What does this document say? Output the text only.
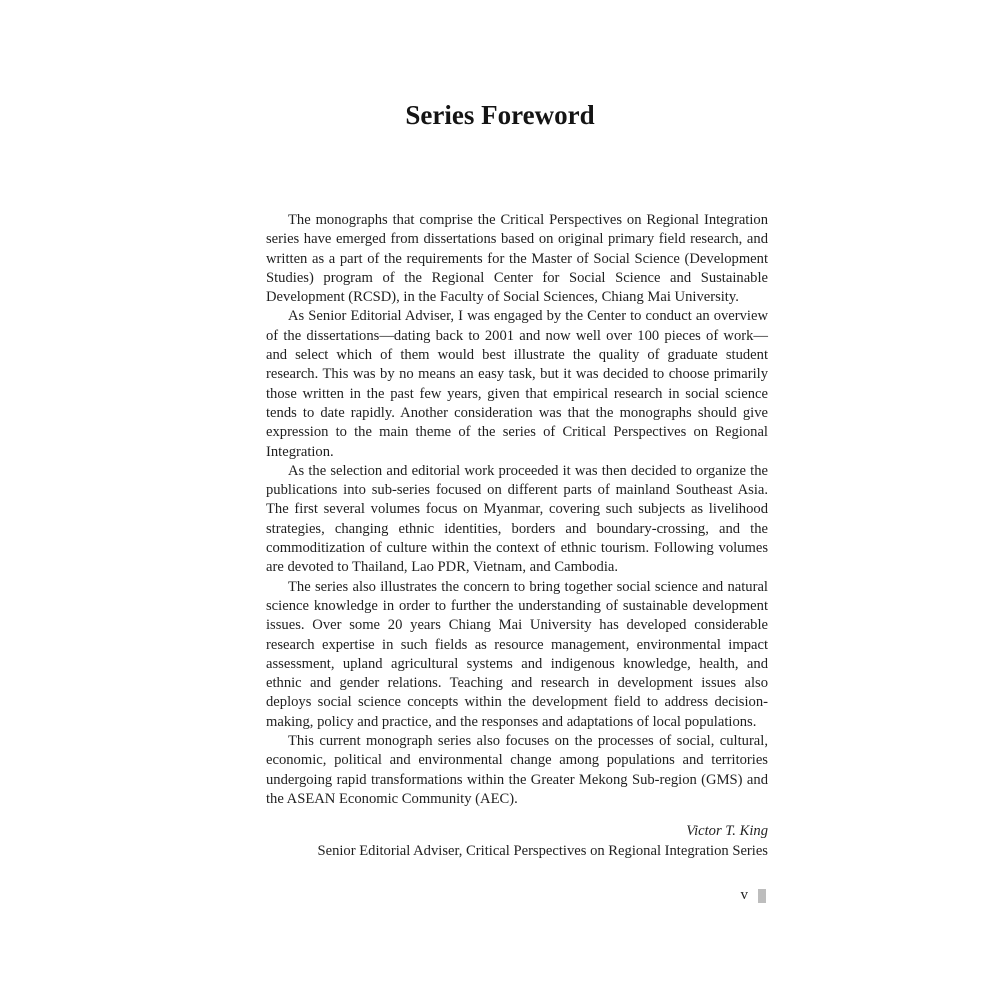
Series Foreword

The monographs that comprise the Critical Perspectives on Regional Integration series have emerged from dissertations based on original primary field research, and written as a part of the requirements for the Master of Social Science (Development Studies) program of the Regional Center for Social Science and Sustainable Development (RCSD), in the Faculty of Social Sciences, Chiang Mai University.

As Senior Editorial Adviser, I was engaged by the Center to conduct an overview of the dissertations—dating back to 2001 and now well over 100 pieces of work—and select which of them would best illustrate the quality of graduate student research. This was by no means an easy task, but it was decided to choose primarily those written in the past few years, given that empirical research in social science tends to date rapidly. Another consideration was that the monographs should give expression to the main theme of the series of Critical Perspectives on Regional Integration.

As the selection and editorial work proceeded it was then decided to organize the publications into sub-series focused on different parts of mainland Southeast Asia. The first several volumes focus on Myanmar, covering such subjects as livelihood strategies, changing ethnic identities, borders and boundary-crossing, and the commoditization of culture within the context of ethnic tourism. Following volumes are devoted to Thailand, Lao PDR, Vietnam, and Cambodia.

The series also illustrates the concern to bring together social science and natural science knowledge in order to further the understanding of sustainable development issues. Over some 20 years Chiang Mai University has developed considerable research expertise in such fields as resource management, environmental impact assessment, upland agricultural systems and indigenous knowledge, health, and ethnic and gender relations. Teaching and research in development issues also deploys social science concepts within the development field to address decision-making, policy and practice, and the responses and adaptations of local populations.

This current monograph series also focuses on the processes of social, cultural, economic, political and environmental change among populations and territories undergoing rapid transformations within the Greater Mekong Sub-region (GMS) and the ASEAN Economic Community (AEC).

Victor T. King
Senior Editorial Adviser, Critical Perspectives on Regional Integration Series
v
